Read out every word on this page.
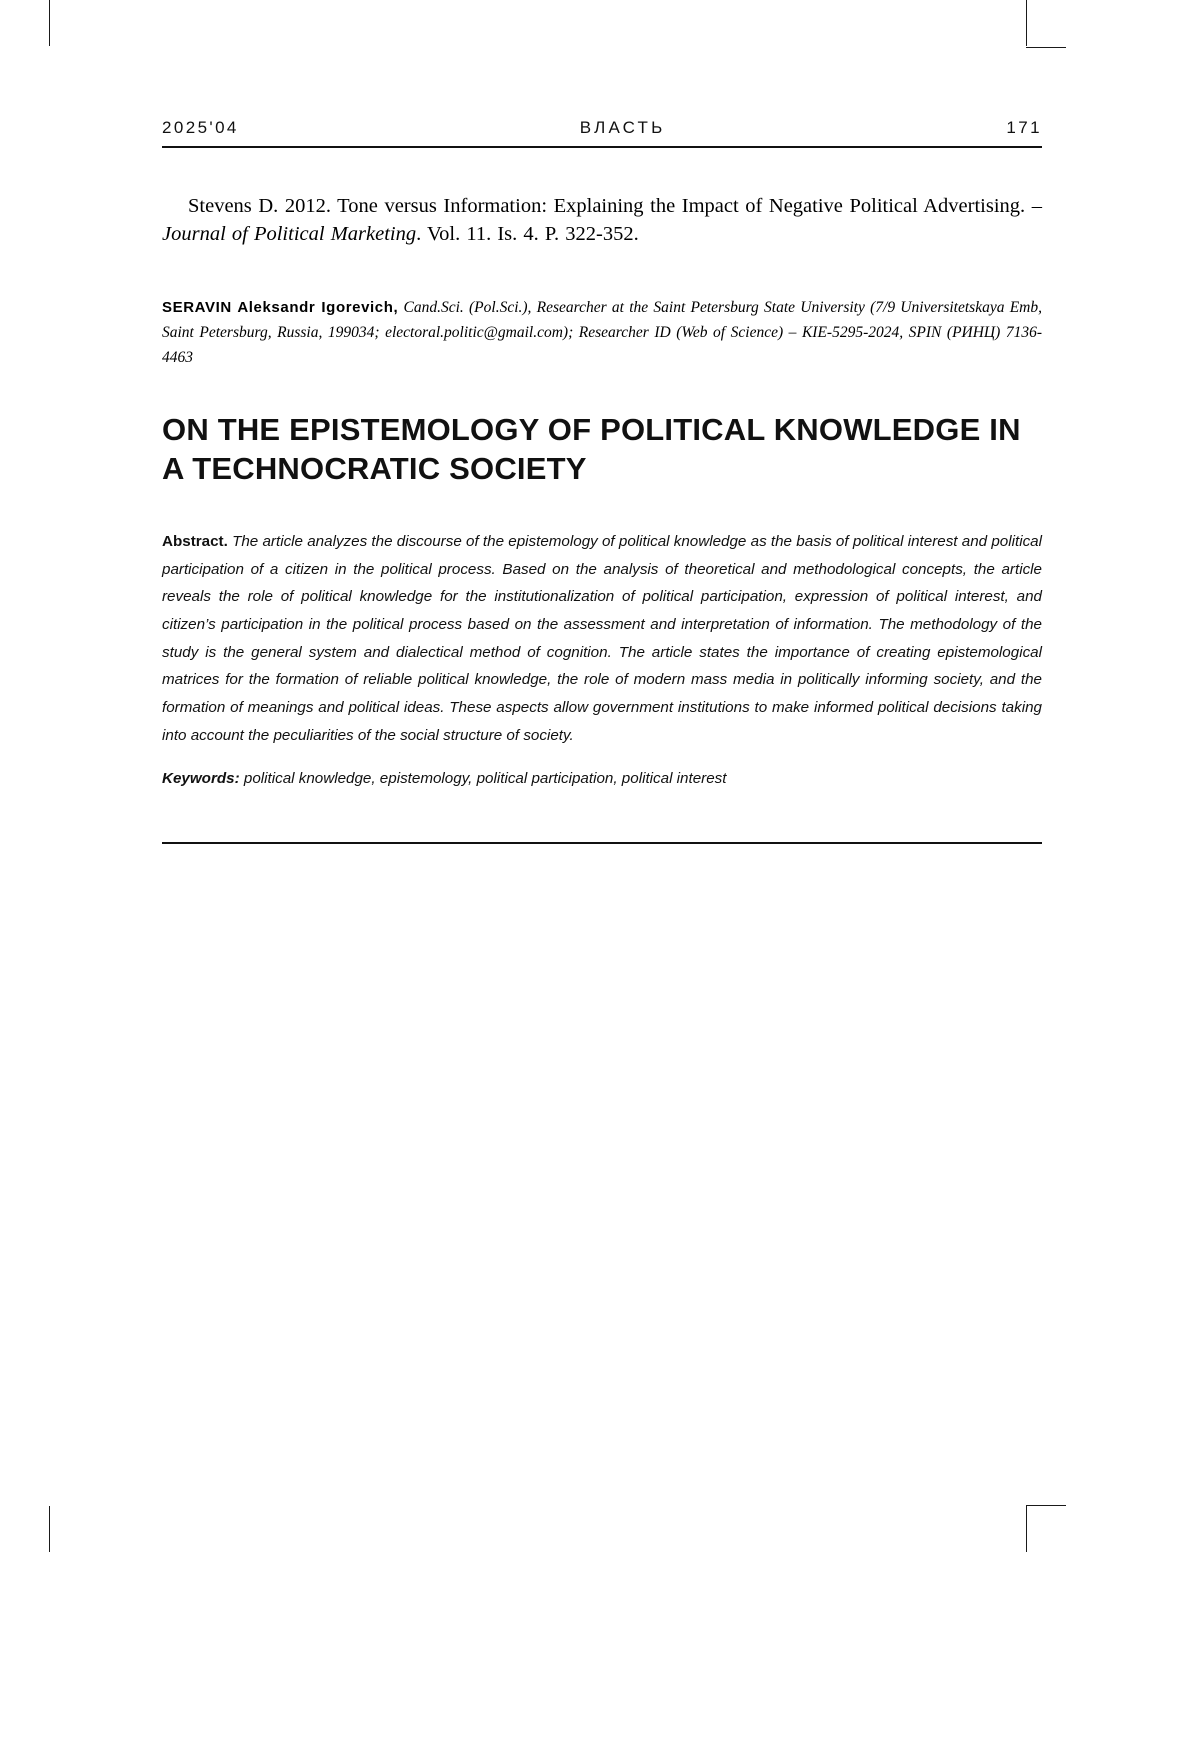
2025'04	ВЛАСТЬ	171

Stevens D. 2012. Tone versus Information: Explaining the Impact of Negative Political Advertising. – Journal of Political Marketing. Vol. 11. Is. 4. P. 322-352.

SERAVIN Aleksandr Igorevich, Cand.Sci. (Pol.Sci.), Researcher at the Saint Petersburg State University (7/9 Universitetskaya Emb, Saint Petersburg, Russia, 199034; electoral.politic@gmail.com); Researcher ID (Web of Science) – KIE-5295-2024, SPIN (РИНЦ) 7136-4463

ON THE EPISTEMOLOGY OF POLITICAL KNOWLEDGE IN A TECHNOCRATIC SOCIETY

Abstract. The article analyzes the discourse of the epistemology of political knowledge as the basis of political interest and political participation of a citizen in the political process. Based on the analysis of theoretical and methodological concepts, the article reveals the role of political knowledge for the institutionalization of political participation, expression of political interest, and citizen’s participation in the political process based on the assessment and interpretation of information. The methodology of the study is the general system and dialectical method of cognition. The article states the importance of creating epistemological matrices for the formation of reliable political knowledge, the role of modern mass media in politically informing society, and the formation of meanings and political ideas. These aspects allow government institutions to make informed political decisions taking into account the peculiarities of the social structure of society.

Keywords: political knowledge, epistemology, political participation, political interest
